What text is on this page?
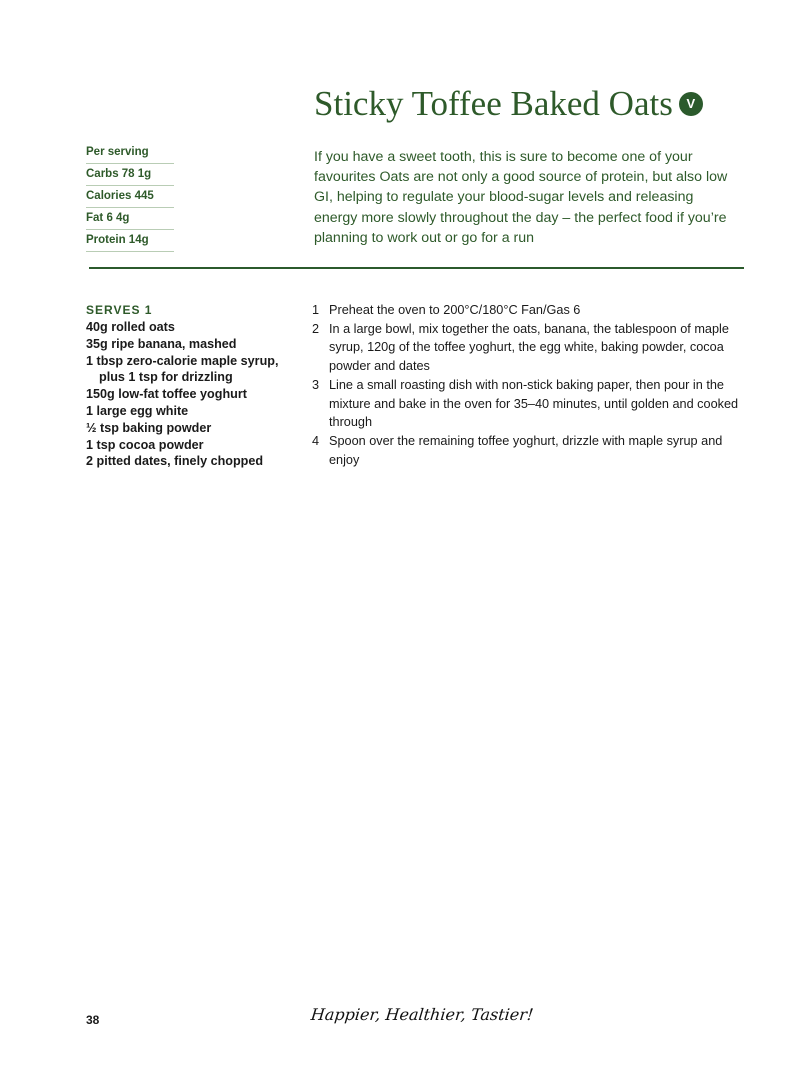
Sticky Toffee Baked Oats	V
Per serving
Carbs 78 1g
Calories 445
Fat 6 4g
Protein 14g

If you have a sweet tooth, this is sure to become one of your favourites Oats are not only a good source of protein, but also low GI, helping to regulate your blood-sugar levels and releasing energy more slowly throughout the day – the perfect food if you’re planning to work out or go for a run

SERVES 1
40g rolled oats
35g ripe banana, mashed
1 tbsp zero-calorie maple syrup, plus 1 tsp for drizzling
150g low-fat toffee yoghurt
1 large egg white
½ tsp baking powder
1 tsp cocoa powder
2 pitted dates, finely chopped
1 Preheat the oven to 200°C/180°C Fan/Gas 6
2 In a large bowl, mix together the oats, banana, the tablespoon of maple syrup, 120g of the toffee yoghurt, the egg white, baking powder, cocoa powder and dates
3 Line a small roasting dish with non-stick baking paper, then pour in the mixture and bake in the oven for 35–40 minutes, until golden and cooked through
4 Spoon over the remaining toffee yoghurt, drizzle with maple syrup and enjoy
38	Happier, Healthier, Tastier!
